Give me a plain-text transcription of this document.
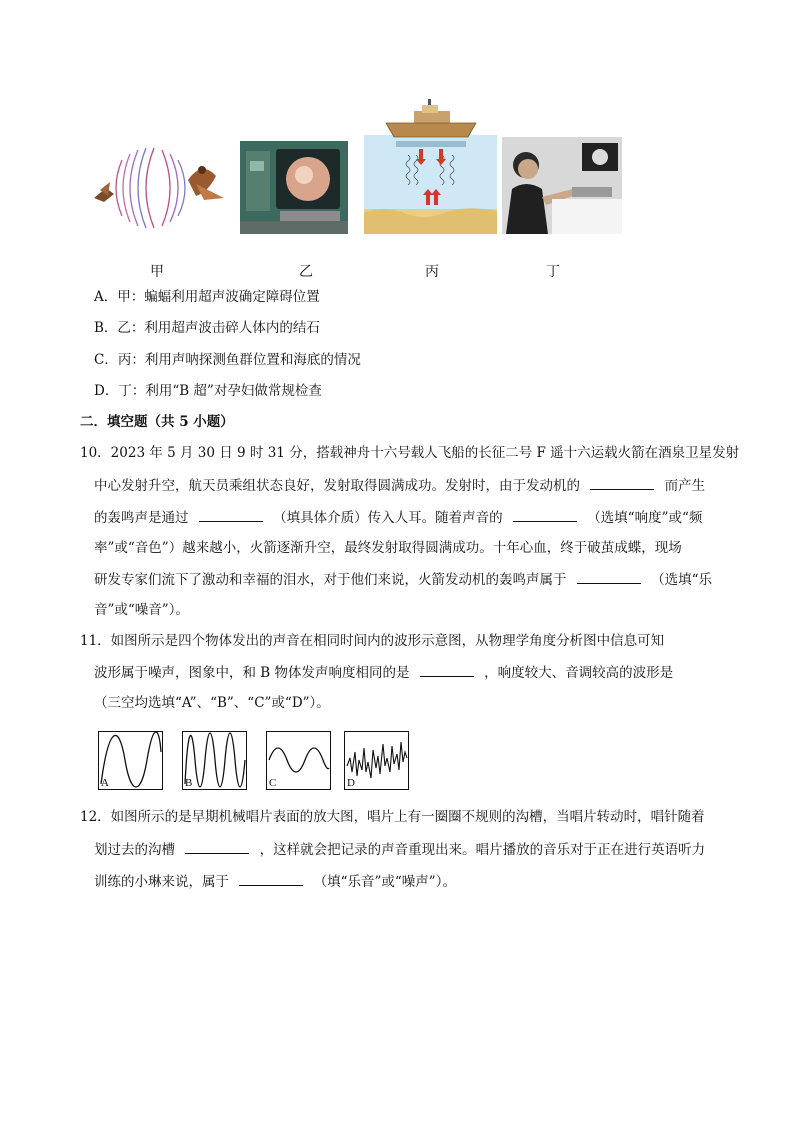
甲	乙	丙	丁
A．甲：蝙蝠利用超声波确定障碍位置
B．乙：利用超声波击碎人体内的结石
C．丙：利用声呐探测鱼群位置和海底的情况
D．丁：利用“B 超”对孕妇做常规检查
二．填空题（共 5 小题）
10．2023 年 5 月 30 日 9 时 31 分，搭载神舟十六号载人飞船的长征二号 F 遥十六运载火箭在酒泉卫星发射
中心发射升空，航天员乘组状态良好，发射取得圆满成功。发射时，由于发动机的	而产生
的轰鸣声是通过	（填具体介质）传入人耳。随着声音的	（选填“响度”或“频
率”或“音色”）越来越小，火箭逐渐升空，最终发射取得圆满成功。十年心血，终于破茧成蝶，现场
研发专家们流下了激动和幸福的泪水，对于他们来说，火箭发动机的轰鸣声属于	（选填“乐
音”或“噪音”）。
11．如图所示是四个物体发出的声音在相同时间内的波形示意图，从物理学角度分析图中信息可知
波形属于噪声，图象中，和 B 物体发声响度相同的是	，响度较大、音调较高的波形是
（三空均选填“A”、“B”、“C”或“D”）。
A	B	C	D
12．如图所示的是早期机械唱片表面的放大图，唱片上有一圈圈不规则的沟槽，当唱片转动时，唱针随着
划过去的沟槽	，这样就会把记录的声音重现出来。唱片播放的音乐对于正在进行英语听力
训练的小琳来说，属于	（填“乐音”或“噪声”）。
